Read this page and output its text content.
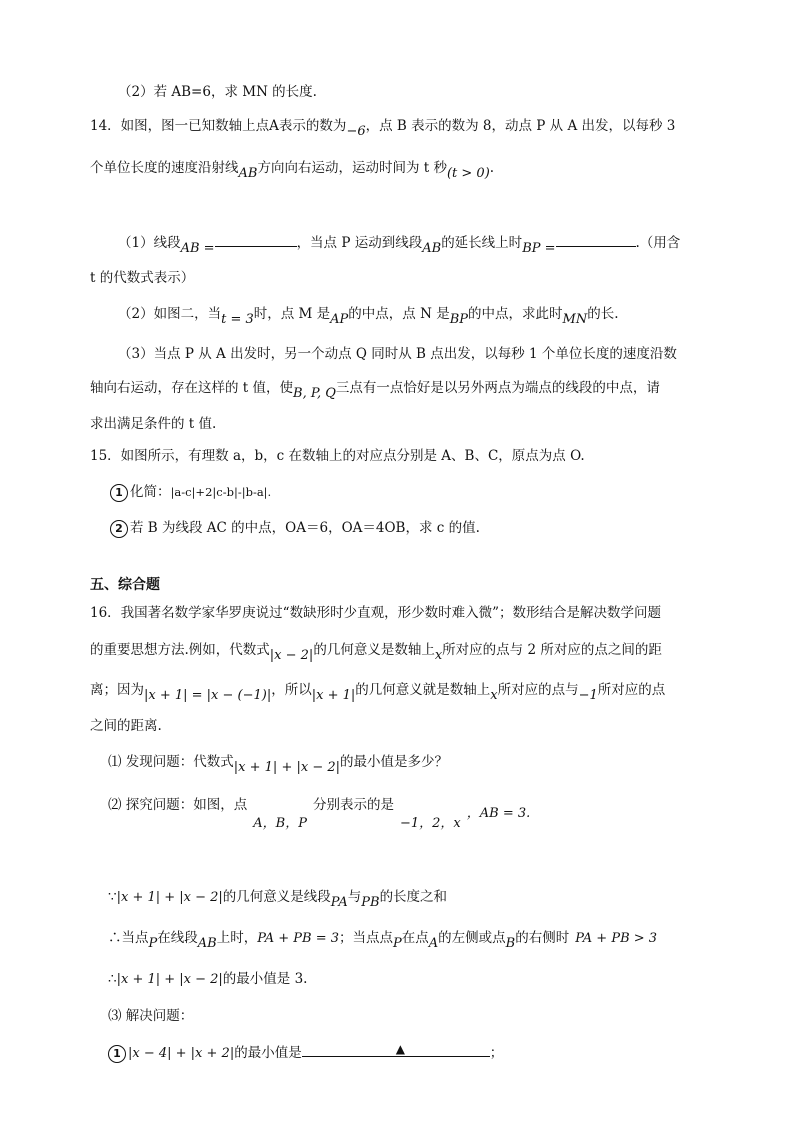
（2）若 AB=6，求 MN 的长度.
14．如图，图一已知数轴上点A表示的数为−6，点 B 表示的数为 8，动点 P 从 A 出发，以每秒 3
个单位长度的速度沿射线AB方向向右运动，运动时间为 t 秒(t > 0).
（1）线段AB =	，当点 P 运动到线段AB的延长线上时BP =	.（用含
t 的代数式表示）
（2）如图二，当t = 3时，点 M 是AP的中点，点 N 是BP的中点，求此时MN的长.
（3）当点 P 从 A 出发时，另一个动点 Q 同时从 B 点出发，以每秒 1 个单位长度的速度沿数
轴向右运动，存在这样的 t 值，使B, P, Q三点有一点恰好是以另外两点为端点的线段的中点，请
求出满足条件的 t 值.
15．如图所示，有理数 a，b，c 在数轴上的对应点分别是 A、B、C，原点为点 O.
1 化简：|a-c|+2|c-b|-|b-a|.
2 若 B 为线段 AC 的中点，OA＝6，OA＝4OB，求 c 的值.
五、综合题
16．我国著名数学家华罗庚说过“数缺形时少直观，形少数时难入微”；数形结合是解决数学问题
的重要思想方法.例如，代数式|x − 2|的几何意义是数轴上x所对应的点与 2 所对应的点之间的距
离；因为|x + 1| = |x − (−1)|，所以|x + 1|的几何意义就是数轴上x所对应的点与−1所对应的点
之间的距离.
⑴ 发现问题：代数式|x + 1| + |x − 2|的最小值是多少？
⑵ 探究问题：如图，点A，B，P分别表示的是−1，2，x，AB = 3.
∵|x + 1| + |x − 2|的几何意义是线段PA与PB的长度之和
∴当点P在线段AB上时，PA + PB = 3；当点点P在点A的左侧或点B的右侧时 PA + PB > 3
∴|x + 1| + |x − 2|的最小值是 3.
⑶ 解决问题：
1 |x − 4| + |x + 2|的最小值是	▲	；
